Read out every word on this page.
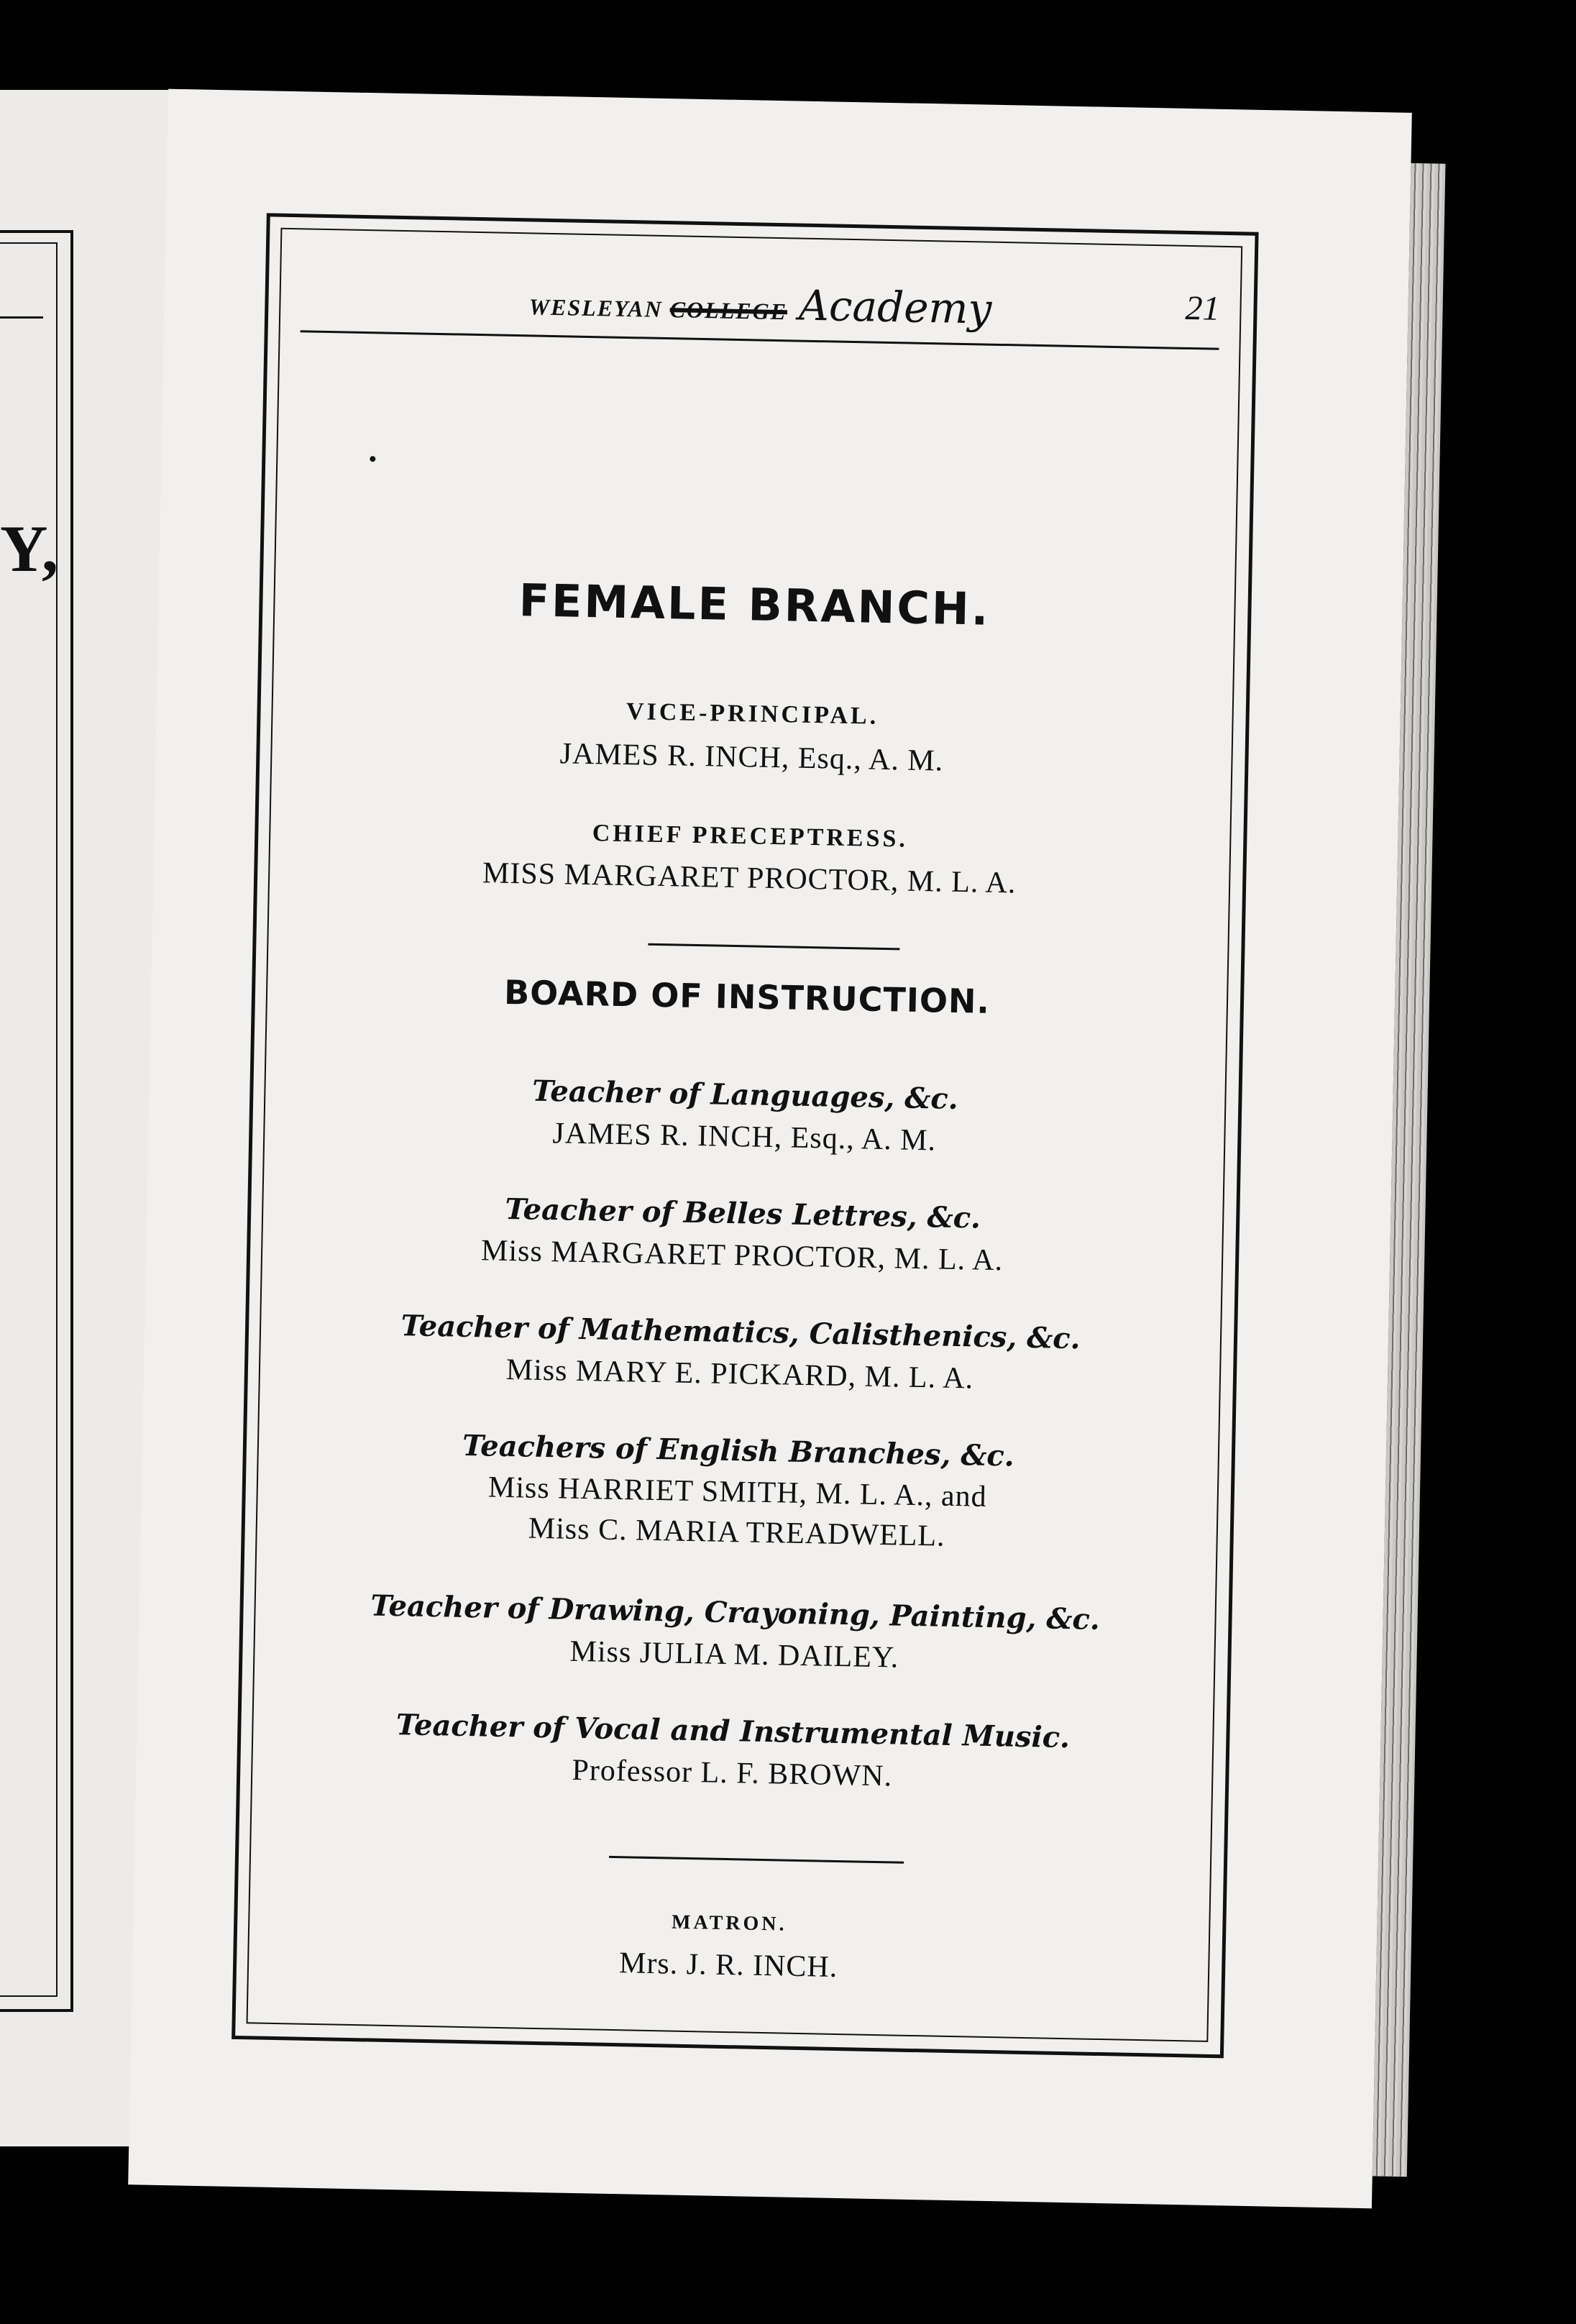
Y,
WESLEYAN COLLEGE Academy	21
FEMALE BRANCH.
VICE-PRINCIPAL.
JAMES R. INCH, Esq., A. M.
CHIEF PRECEPTRESS.
MISS MARGARET PROCTOR, M. L. A.
BOARD OF INSTRUCTION.
Teacher of Languages, &c.
JAMES R. INCH, Esq., A. M.
Teacher of Belles Lettres, &c.
Miss MARGARET PROCTOR, M. L. A.
Teacher of Mathematics, Calisthenics, &c.
Miss MARY E. PICKARD, M. L. A.
Teachers of English Branches, &c.
Miss HARRIET SMITH, M. L. A., and
Miss C. MARIA TREADWELL.
Teacher of Drawing, Crayoning, Painting, &c.
Miss JULIA M. DAILEY.
Teacher of Vocal and Instrumental Music.
Professor L. F. BROWN.
MATRON.
Mrs. J. R. INCH.
